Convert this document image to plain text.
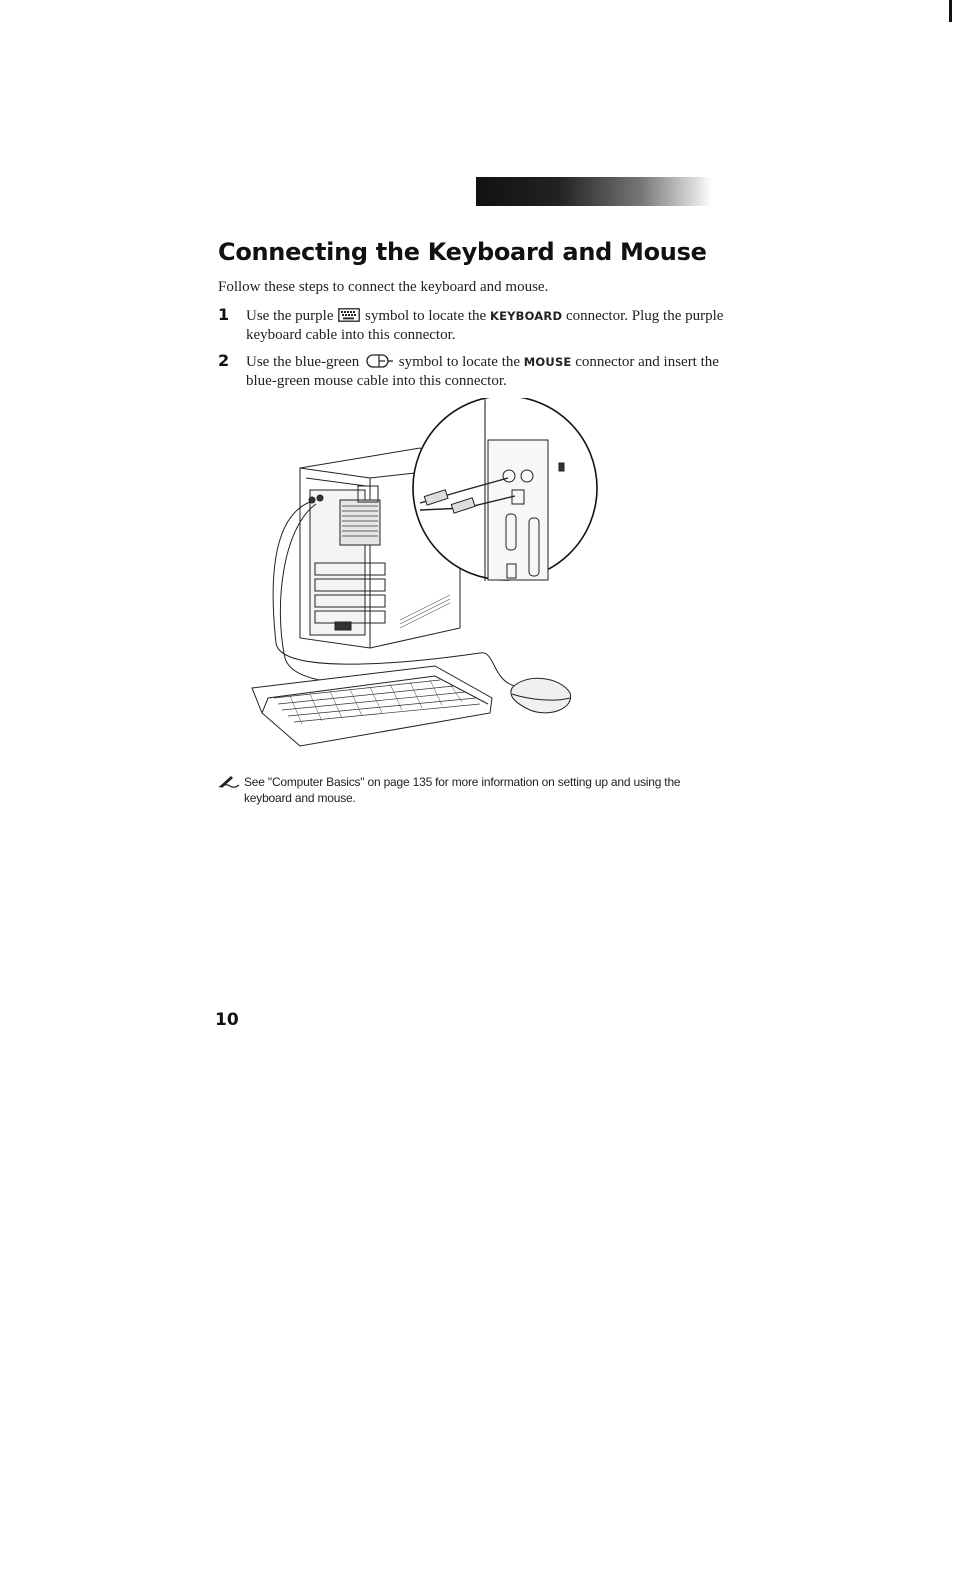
Connecting the Keyboard and Mouse

Follow these steps to connect the keyboard and mouse.

1 Use the purple symbol to locate the KEYBOARD connector. Plug the purple keyboard cable into this connector.
2 Use the blue-green	symbol to locate the MOUSE connector and insert the blue-green mouse cable into this connector.

See "Computer Basics" on page 135 for more information on setting up and using the keyboard and mouse.

10
